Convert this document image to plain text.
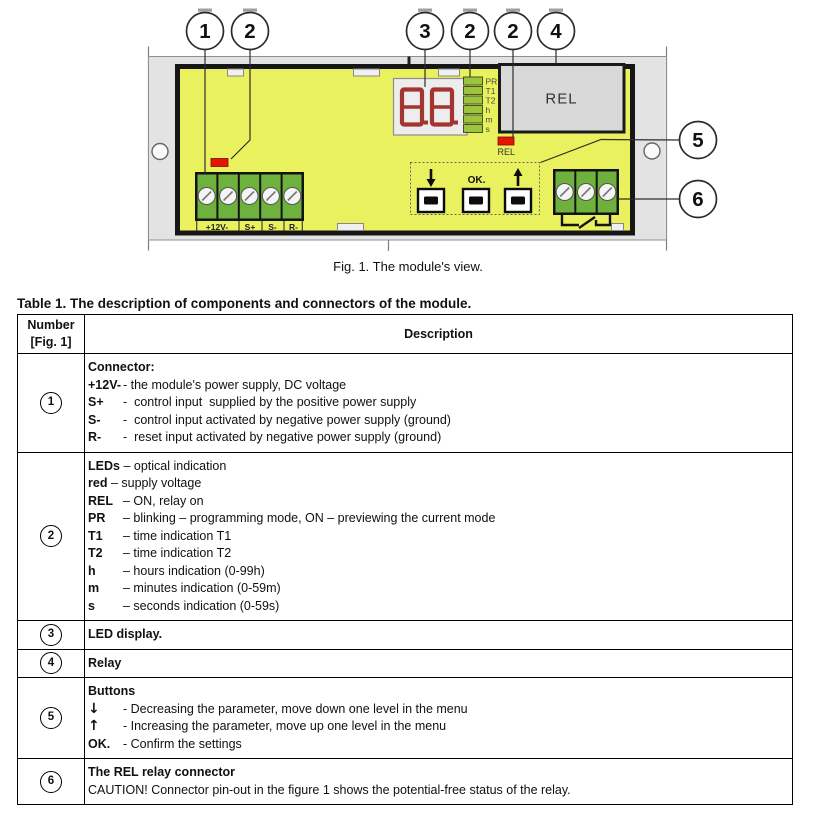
+12V- S+ S- R-
PR
T1
T2
h
m
s
REL
REL
OK.
1 2	3 2 2 4
5
6
Fig. 1. The module's view.
Table 1. The description of components and connectors of the module.
Number
[Fig. 1]	Description
1	Connector:
+12V- - the module's power supply, DC voltage
S+ -  control input  supplied by the positive power supply
S- -  control input activated by negative power supply (ground)
R- -  reset input activated by negative power supply (ground)

2	
LEDs – optical indication
red – supply voltage
REL – ON, relay on
PR – blinking – programming mode, ON – previewing the current mode
T1 – time indication T1
T2 – time indication T2
h – hours indication (0-99h)
m – minutes indication (0-59m)
s – seconds indication (0-59s)

3	LED display.

4	Relay

5	Buttons
↓ - Decreasing the parameter, move down one level in the menu
↑ - Increasing the parameter, move up one level in the menu
OK. - Confirm the settings

6	The REL relay connector
CAUTION! Connector pin-out in the figure 1 shows the potential-free status of the relay.
